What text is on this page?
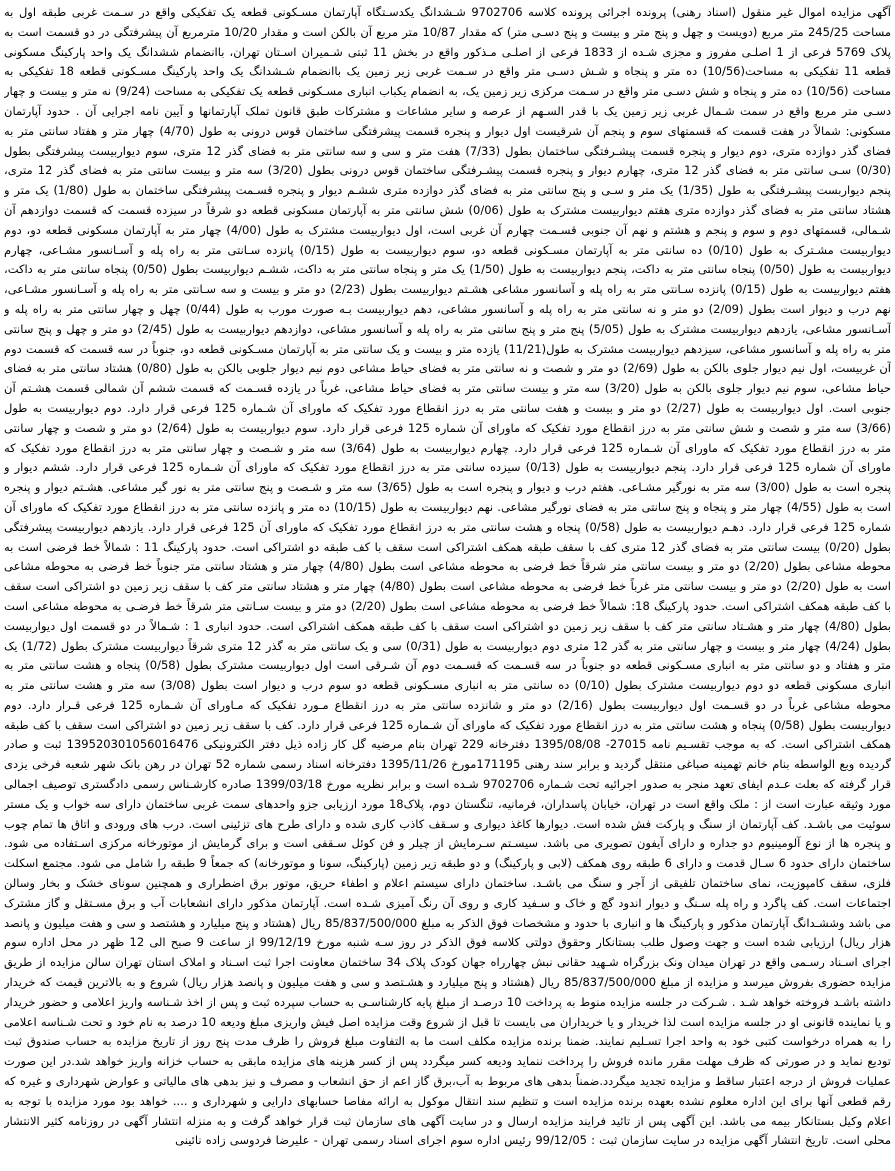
آگهی مزایده اموال غیر منقول (اسناد رهنی) پرونده اجرائی پرونده کلاسه 9702706 شـشدانگ یکدسـتگاه آپارتمان مسـکونی قطعه یک تفکیکی واقع در سـمت غربی طبقه اول به مساحت 245/25 متر مربع (دویست و چهل و پنج متر و بیست و پنج دسـی متر) که مقدار 10/87 متر مربع آن بالکن است و مقدار 10/20 مترمربع آن پیشرفتگی در دو قسمت است به پلاک 5769 فرعی از 1 اصلـی مفروز و مجزی شـده از 1833 فرعی از اصلـی مـذکور واقع در بخش 11 ثبتی شـمیران اسـتان تهران، باانضمام ششدانگ یک واحد پارکینگ مسکونی قطعه 11 تفکیکی به مساحت(10/56) ده متر و پنجاه و شـش دسـی متر واقع در سـمت غربی زیر زمین یک باانضمام شـشدانگ یک واحد پارکینگ مسـکونی قطعه 18 تفکیکی به مساحت (10/56) ده متر و پنجاه و شش دسـی متر واقع در سـمت مرکزی زیر زمین یک، به انضمام یکباب انباری مسـکونی قطعه یک تفکیکی به مساحت (9/24) نه متر و بیست و چهار دسـی متر مربع واقع در سمت شـمال غربی زیر زمین یک با قدر السـهم از عرصه و سایر مشاعات و مشترکات طبق قانون تملک آپارتمانها و آیین نامه اجرایی آن . حدود آپارتمان مسکونی: شمالاً در هفت قسمت که قسمتهای سوم و پنجم آن شرقیست اول دیوار و پنجره قسمت پیشرفتگی ساختمان قوس درونی به طول (4/70) چهار متر و هفتاد سانتی متر به فضای گذر دوازده متری، دوم دیوار و پنجره قسمت پیشـرفتگی ساختمان بطول (7/33) هفت متر و سی و سه سانتی متر به فضای گذر 12 متری، سوم دیواربیست پیشرفتگی بطول (0/30) سـی سانتی متر به فضای گذر 12 متری، چهارم دیوار و پنجره قسمت پیشـرفتگی ساختمان قوس درونی بطول (3/20) سه متر و بیست سانتی متر به فضای گذر 12 متری، پنجم دیواربست پیشـرفتگی به طول (1/35) یک متر و سـی و پنج سانتی متر به فضای گذر دوازده متری ششـم دیوار و پنجره قسـمت پیشرفتگی ساختمان به طول (1/80) یک متر و هشتاد سانتی متر به فضای گذر دوازده متری هفتم دیواربیست مشترک به طول (0/06) شش سانتی متر به آپارتمان مسکونی قطعه دو شرقاً در سیزده قسمت که قسمت دوازدهم آن شـمالی، قسمتهای دوم و سوم و پنجم و هشتم و نهم آن جنوبی قسـمت چهارم آن غربی است، اول دیواربیست مشترک به طول (4/00) چهار متر به آپارتمان مسکونی قطعه دو، دوم دیواربیست مشـترک به طول (0/10) ده سانتی متر به آپارتمان مسـکونی قطعه دو، سوم دیواربیست به طول (0/15) پانزده سـانتی متر به راه پله و آسـانسور مشـاعی، چهارم دیواربیست به طول (0/50) پنجاه سانتی متر به داکت، پنجم دیواربیست به طول (1/50) یک متر و پنجاه سانتی متر به داکت، ششـم دیواربیست بطول (0/50) پنجاه سانتی متر به داکت، هفتم دیواربیست به طول (0/15) پانزده سـانتی متر به راه پله و آسانسور مشاعی هشـتم دیواربیست بطول (2/23) دو متر و بیست و سه سـانتی متر به راه پله و آسـانسور مشـاعی، نهم درب و دیوار است بطول (2/09) دو متر و نه سانتی متر به راه پله و آسانسور مشاعی، دهم دیواربیست بـه صورت مورب به طول (0/44) چهل و چهار سانتی متر به راه پله و آسـانسور مشاعی، یازدهم دیواربیست مشترک به طول (5/05) پنج متر و پنج سانتی متر به راه پله و آسانسور مشاعی، دوازدهم دیواربیست به طول (2/45) دو متر و چهل و پنج سانتی متر به راه پله و آسانسور مشاعی، سیزدهم دیواربیست مشترک به طول(11/21) یازده متر و بیست و یک سانتی متر به آپارتمان مسـکونی قطعه دو، جنوباً در سه قسمت که قسمت دوم آن غربیست، اول نیم دیوار جلوی بالکن به طول (2/69) دو متر و شصت و نه سانتی متر به فضای حیاط مشاعی دوم نیم دیوار جلوبی بالکن به طول (0/80) هشتاد سانتی متر به فضای حیاط مشاعی، سوم نیم دیوار جلوی بالکن به طول (3/20) سه متر و بیست سانتی متر به فضای حیاط مشاعی، غرباً در یازده قسـمت که قسمت ششم آن شمالی قسمت هشـتم آن جنوبی است. اول دیواربیست به طول (2/27) دو متر و بیست و هفت سانتی متر به درز انقطاع مورد تفکیک که ماورای آن شـماره 125 فرعی قرار دارد. دوم دیواربیست به طول (3/66) سه متر و شصت و شش سانتی متر به درز انقطاع مورد تفکیک که ماورای آن شماره 125 فرعی قرار دارد. سوم دیواربیست به طول (2/64) دو متر و شصت و چهار سانتی متر به درز انقطاع مورد تفکیک که ماورای آن شـماره 125 فرعی قرار دارد. چهارم دیواربیست به طول (3/64) سه متر و شـصت و چهار سانتی متر به درز انقطاع مورد تفکیک که ماورای آن شماره 125 فرعی قرار دارد. پنجم دیواربیست به طول (0/13) سیزده سانتی متر به درز انقطاع مورد تفکیک که ماورای آن شـماره 125 فرعی قرار دارد. ششم دیوار و پنجره است به طول (3/00) سه متر به نورگیر مشـاعی. هفتم درب و دیوار و پنجره است به طول (3/65) سه متر و شـصت و پنج سانتی متر به نور گیر مشاعی. هشـتم دیوار و پنجره است به طول (4/55) چهار متر و پنجاه و پنج سانتی متر به فضای نورگیر مشاعی. نهم دیواربیست به طول (10/15) ده متر و پانزده سانتی متر به درز انقطاع مورد تفکیک که ماورای آن شماره 125 فرعی قرار دارد. دهـم دیواربیست به طول (0/58) پنجاه و هشت سانتی متر به درز انقطاع مورد تفکیک که ماورای آن 125 فرعی قرار دارد. یازدهم دیواربیست پیشرفتگی بطول (0/20) بیست سانتی متر به فضای گذر 12 متری کف با سقف طبقه همکف اشتراکی است سقف با کف طبقه دو اشتراکی است. حدود پارکینگ 11 : شمالاً خط فرضی است به محوطه مشاعی بطول (2/20) دو متر و بیست سانتی متر شرقاً خط فرضی به محوطه مشاعی است بطول (4/80) چهار متر و هشتاد سانتی متر جنوباً خط فرضی به محوطه مشاعی است به طول (2/20) دو متر و بیست سانتی متر غرباً خط فرضی به محوطه مشاعی است بطول (4/80) چهار متر و هشتاد سانتی متر کف با سقف زیر زمین دو اشتراکی است سقف با کف طبقه همکف اشتراکی است. حدود پارکینگ 18: شمالاً خط فرضی به محوطه مشاعی است بطول (2/20) دو متر و بیست سـانتی متر شرقاً خط فرضـی به محوطه مشاعی است بطول (4/80) چهار متر و هشـتاد سانتی متر کف با سقف زیر زمین دو اشتراکی است سقف با کف طبقه همکف اشتراکی است. حدود انباری 1 : شـمالاً در دو قسمت اول دیواربیست بطول (4/24) چهار متر و بیست و چهار سانتی متر به گذر 12 متری دوم دیواربیست به طول (0/31) سی و یک سانتی متر به گذر 12 متری شرقاً دیواربیست مشترک بطول (1/72) یک متر و هفتاد و دو سانتی متر به انباری مسـکونی قطعه دو جنوباً در سه قسـمت که قسـمت دوم آن شـرقی است اول دیواربیست مشترک بطول (0/58) پنجاه و هشت سانتی متر به انباری مسکونی قطعه دو دوم دیواربیست مشترک بطول (0/10) ده سانتی متر به انباری مسـکونی قطعه دو سوم درب و دیوار است بطول (3/08) سه متر و هشت سانتی متر به محوطه مشاعی غرباً در دو قسـمت اول دیواربیست بطول (2/16) دو متر و شانزده سانتی متر به درز انقطاع مـورد تفکیک که مـاورای آن شـماره 125 فرعی قـرار دارد. دوم دیواربیست بطول (0/58) پنجاه و هشت سانتی متر به درز انقطاع مورد تفکیک که ماورای آن شـماره 125 فرعی قرار دارد. کف با سقف زیر زمین دو اشتراکی است سقف با کف طبقه همکف اشتراکی است. که به موجب تقسـیم نامه 27015- 1395/08/08 دفترخانه 229 تهران بنام مرضیه گل کار زاده ذیل دفتر الکترونیکی 139520301056016476 ثبت و صادر گردیده وبع الواسطه بنام خانم تهمینه صباغی منتقل گردید و برابر سند رهنی 171195مورخ 1395/11/26 دفترخانه اسناد رسمی شماره 52 تهران در رهن بانک شهر شعبه فرخی یزدی قرار گرفته که بعلت عـدم ایفای تعهد منجر به صدور اجرائیه تحت شـماره 9702706 شـده است و برابر نظریه مورخ 1399/03/18 صادره کارشـناس رسمی دادگستری توصیف اجمالی مورد وثیقه عبارت است از : ملک واقع است در تهران، خیابان پاسداران، فرمانیه، تنگستان دوم، پلاک18 مورد ارزیابی جزو واحدهای سمت غربی ساختمان دارای سه خواب و یک مستر سوئیت می باشـد. کف آپارتمان از سنگ و پارکت فش شده است. دیوارها کاغذ دیواری و سـقف کاذب کاری شده و دارای طرح های تزئینی است. درب های ورودی و اتاق ها تمام چوب و پنجره ها از نوع آلومینیوم دو جداره و دارای آیفون تصویری می باشد. سیسـتم سـرمایش از چیلر و فن کوئل سـقفی است و برای گرمایش از موتورخانه مرکزی اسـتفاده می شود. ساختمان دارای حدود 6 سـال قدمت و دارای 6 طبقه روی همکف (لابی و پارکینگ) و دو طبقه زیر زمین (پارکینگ، سونا و موتورخانه) که جمعاً 9 طبقه را شامل می شود. مجتمع اسکلت فلزی، سقف کامپوزیت، نمای ساختمان تلفیقی از آجر و سنگ می باشـد. ساختمان دارای سیستم اعلام و اطفاء حریق، موتور برق اضطراری و همچنین سونای خشک و بخار وسالن اجتماعات است. کف پاگرد و راه پله سـنگ و دیوار اندود گچ و خاک و سـفید کاری و روی آن رنگ آمیزی شـده است. آپارتمان مذکور دارای انشعابات آب و برق مسـتقل و گاز مشترک می باشد وششـدانگ آپارتمان مذکور و پارکینگ ها و انباری با حدود و مشخصات فوق الذکر به مبلغ 85/837/500/000 ریال (هشتاد و پنج میلیارد و هشتصد و سی و هفت میلیون و پانصد هزار ریال) ارزیابی شده است و جهت وصول طلب بستانکار وحقوق دولتی کلاسه فوق الذکر در روز سـه شنبه مورخ 99/12/19 از ساعت 9 صبح الی 12 ظهر در محل اداره سوم اجرای اسـناد رسـمی واقع در تهران میدان ونک بزرگراه شـهید حقانی نبش چهارراه جهان کودک پلاک 34 ساختمان معاونت اجرا ثبت اسـناد و املاک استان تهران سالن مزایده از طریق مزایده حضوری بفروش میرسد و مزایده از مبلغ 85/837/500/000 ریال (هشتاد و پنج میلیارد و هشـتصد و سی و هفت میلیون و پانصد هزار ریال) شروع و به بالاترین قیمت که خریدار داشته باشـد فروخته خواهد شـد . شـرکت در جلسه مزایده منوط به پرداخت 10 درصـد از مبلغ پایه کارشناسـی به حساب سپرده ثبت و پس از اخذ شـناسه واریز اعلامی و حضور خریدار و یا نماینده قانونی او در جلسه مزایده است لذا خریدار و یا خریداران می بایست تا قبل از شروع وقت مزایده اصل فیش واریزی مبلغ ودیعه 10 درصد به نام خود و تحت شـناسه اعلامی را به همراه درخواست کتبی خود به واحد اجرا تسـلیم نمایند. ضمنا برنده مزایده مکلف است ما به التفاوت مبلغ فروش را ظرف مدت پنج روز از تاریخ مزایده به حساب صندوق ثبت تودیع نماید و در صورتی که ظرف مهلت مقرر مانده فروش را پرداخت ننماید ودیعه کسر میگردد پس از کسر هزینه های مزایده مابقی به حساب خزانه واریز خواهد شد.در این صورت عملیات فروش از درجه اعتبار ساقط و مزایده تجدید میگردد.ضمناً بدهی های مربوط به آب،برق گاز اعم از حق انشعاب و مصرف و نیز بدهی های مالیاتی و عوارض شهرداری و غیره که رقم قطعی آنها برای این اداره معلوم نشده بعهده برنده مزایده است و تنظیم سند انتقال موکول به ارائه مفاصا حسابهای دارایی و شهرداری و .... خواهد بود مورد مزایده با توجه به اعلام وکیل بستانکار بیمه می باشد. این آگهی پس از تائید فرایند مزایده ارسال و در سایت آگهی های سازمان ثبت قرار خواهد گرفت و به منزله انتشار آگهی در روزنامه کثیر الانتشار محلی است. تاریخ انتشار آگهی مزایده در سایت سازمان ثبت : 99/12/05 رئیس اداره سوم اجرای اسناد رسمی تهران - علیرضا فردوسی زاده نائینی
